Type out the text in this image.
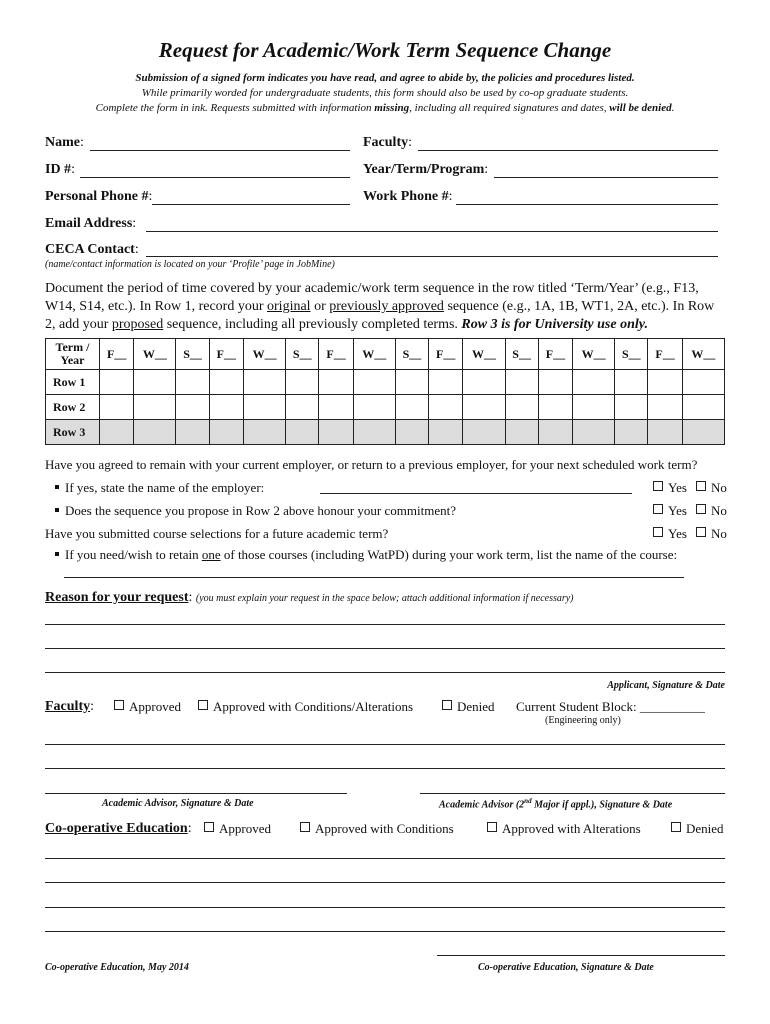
Request for Academic/Work Term Sequence Change
Submission of a signed form indicates you have read, and agree to abide by, the policies and procedures listed.
While primarily worded for undergraduate students, this form should also be used by co-op graduate students.
Complete the form in ink. Requests submitted with information missing, including all required signatures and dates, will be denied.
Name:	Faculty:
ID #:	Year/Term/Program:
Personal Phone #:	Work Phone #:
Email Address:
CECA Contact:
(name/contact information is located on your ‘Profile’ page in JobMine)
Document the period of time covered by your academic/work term sequence in the row titled ‘Term/Year’ (e.g., F13, W14, S14, etc.). In Row 1, record your original or previously approved sequence (e.g., 1A, 1B, WT1, 2A, etc.). In Row 2, add your proposed sequence, including all previously completed terms. Row 3 is for University use only.
Term / Year	F__	W__	S__	F__	W__	S__	F__	W__	S__	F__	W__	S__	F__	W__	S__	F__	W__
Row 1																	
Row 2																	
Row 3																	
Have you agreed to remain with your current employer, or return to a previous employer, for your next scheduled work term?
If yes, state the name of the employer:	Yes	No
Does the sequence you propose in Row 2 above honour your commitment?	Yes	No
Have you submitted course selections for a future academic term?	Yes	No
If you need/wish to retain one of those courses (including WatPD) during your work term, list the name of the course:
Reason for your request: (you must explain your request in the space below; attach additional information if necessary)
Applicant, Signature & Date
Faculty:	Approved	Approved with Conditions/Alterations	Denied Current Student Block: __________
(Engineering only)
Academic Advisor, Signature & Date	Academic Advisor (2nd Major if appl.), Signature & Date
Co-operative Education:	Approved	Approved with Conditions	Approved with Alterations	Denied
Co-operative Education, May 2014	Co-operative Education, Signature & Date
